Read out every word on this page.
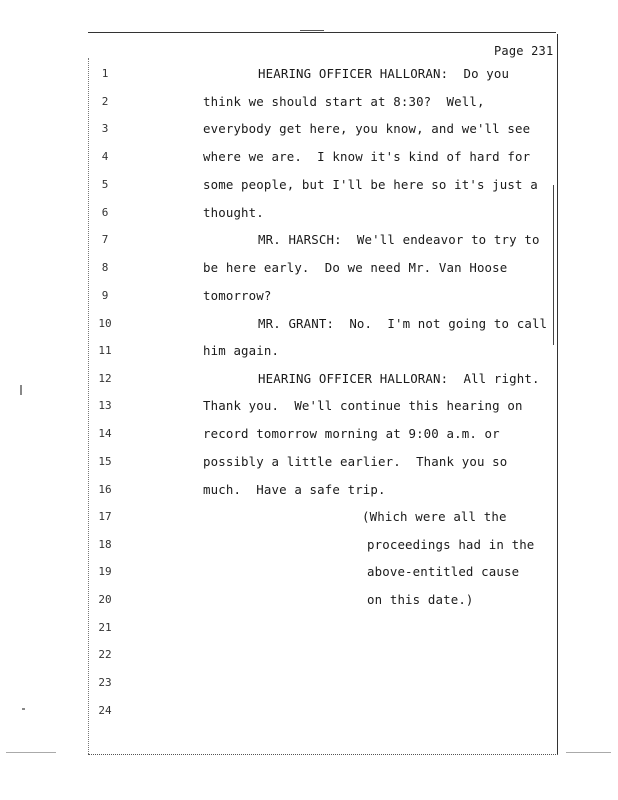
Page 231
1
2
3
4
5
6
7
8
9
10
11
12
13
14
15
16
17
18
19
20
21
22
23
24
HEARING OFFICER HALLORAN:  Do you
think we should start at 8:30?  Well,
everybody get here, you know, and we'll see
where we are.  I know it's kind of hard for
some people, but I'll be here so it's just a
thought.
MR. HARSCH:  We'll endeavor to try to
be here early.  Do we need Mr. Van Hoose
tomorrow?
MR. GRANT:  No.  I'm not going to call
him again.
HEARING OFFICER HALLORAN:  All right.
Thank you.  We'll continue this hearing on
record tomorrow morning at 9:00 a.m. or
possibly a little earlier.  Thank you so
much.  Have a safe trip.
(Which were all the
proceedings had in the
above-entitled cause
on this date.)
